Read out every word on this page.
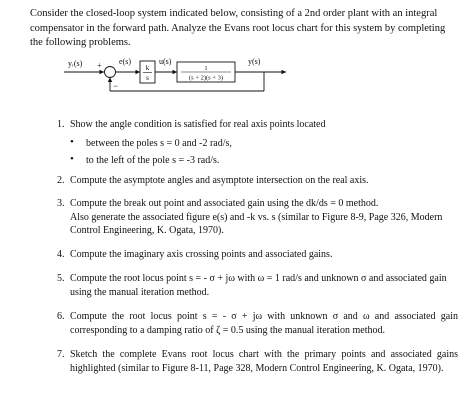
Consider the closed-loop system indicated below, consisting of a 2nd order plant with an integral compensator in the forward path. Analyze the Evans root locus chart for this system by completing the following problems.

yᵣ(s) + e(s)
k
s
u(s)
1
(s + 2)(s + 3)
y(s)
−
1. Show the angle condition is satisfied for real axis points located
• between the poles s = 0 and -2 rad/s,
• to the left of the pole s = -3 rad/s.
2. Compute the asymptote angles and asymptote intersection on the real axis.
3. Compute the break out point and associated gain using the dk/ds = 0 method.
Also generate the associated figure e(s) and -k vs. s (similar to Figure 8-9, Page 326, Modern Control Engineering, K. Ogata, 1970).
4. Compute the imaginary axis crossing points and associated gains.
5. Compute the root locus point s = - σ + jω with ω = 1 rad/s and unknown σ and associated gain using the manual iteration method.
6. Compute the root locus point s = - σ + jω with unknown σ and ω and associated gain corresponding to a damping ratio of ζ = 0.5 using the manual iteration method.
7. Sketch the complete Evans root locus chart with the primary points and associated gains highlighted (similar to Figure 8-11, Page 328, Modern Control Engineering, K. Ogata, 1970).
